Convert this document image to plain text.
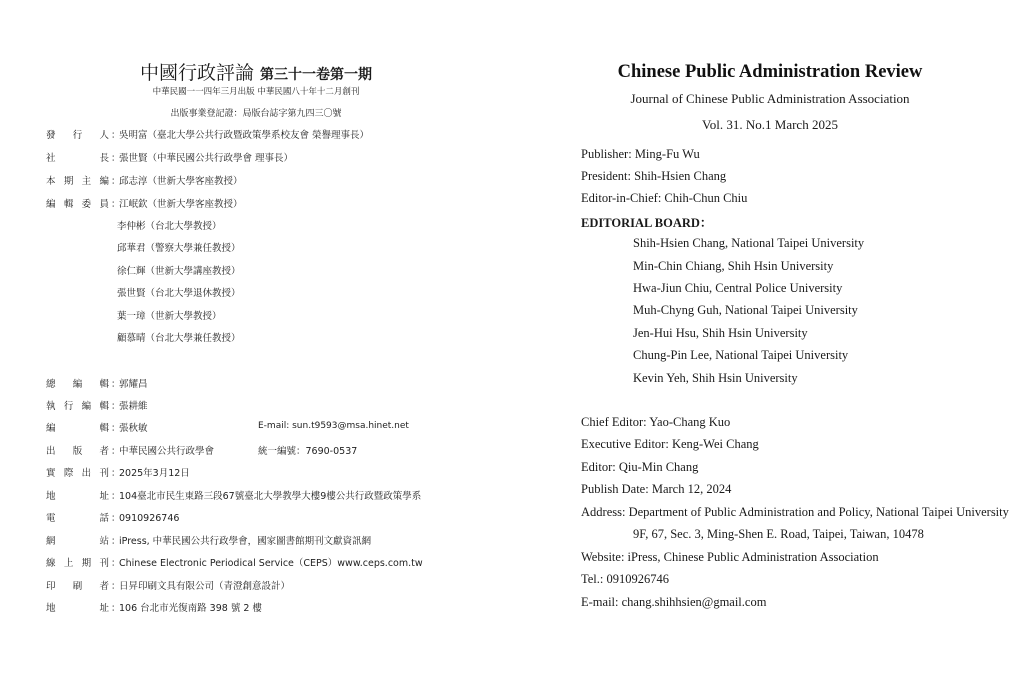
中國行政評論 第三十一卷第一期
中華民國一一四年三月出版 中華民國八十年十二月創刊
出版事業登記證：局版台誌字第九四三〇號
發行人 ：吳明富（臺北大學公共行政暨政策學系校友會 榮譽理事長）
社長 ：張世賢（中華民國公共行政學會 理事長）
本期主編 ：邱志淳（世新大學客座教授）
編輯委員 ：江岷欽（世新大學客座教授）
李仲彬（台北大學教授）
邱華君（警察大學兼任教授）
徐仁輝（世新大學講座教授）
張世賢（台北大學退休教授）
葉一璋（世新大學教授）
顧慕晴（台北大學兼任教授）
總編輯 ：郭耀昌
執行編輯 ：張耕維
編輯 ：張秋敏	E-mail: sun.t9593@msa.hinet.net
出版者 ：中華民國公共行政學會	統一編號：7690-0537
實際出刊 ：2025年3月12日
地址 ：104臺北市民生東路三段67號臺北大學教學大樓9樓公共行政暨政策學系
電話 ：0910926746
網站 ：iPress, 中華民國公共行政學會，國家圖書館期刊文獻資訊網
線上期刊 ：Chinese Electronic Periodical Service（CEPS）www.ceps.com.tw
印刷者 ：日昇印刷文具有限公司（青澄創意設計）
地址 ：106 台北市光復南路 398 號 2 樓
Chinese Public Administration Review
Journal of Chinese Public Administration Association
Vol. 31. No.1 March 2025
Publisher: Ming-Fu Wu
President: Shih-Hsien Chang
Editor-in-Chief: Chih-Chun Chiu
EDITORIAL BOARD：
Shih-Hsien Chang, National Taipei University
Min-Chin Chiang, Shih Hsin University
Hwa-Jiun Chiu, Central Police University
Muh-Chyng Guh, National Taipei University
Jen-Hui Hsu, Shih Hsin University
Chung-Pin Lee, National Taipei University
Kevin Yeh, Shih Hsin University
Chief Editor: Yao-Chang Kuo
Executive Editor: Keng-Wei Chang
Editor: Qiu-Min Chang
Publish Date: March 12, 2024
Address: Department of Public Administration and Policy, National Taipei University
9F, 67, Sec. 3, Ming-Shen E. Road, Taipei, Taiwan, 10478
Website: iPress, Chinese Public Administration Association
Tel.: 0910926746
E-mail: chang.shihhsien@gmail.com
